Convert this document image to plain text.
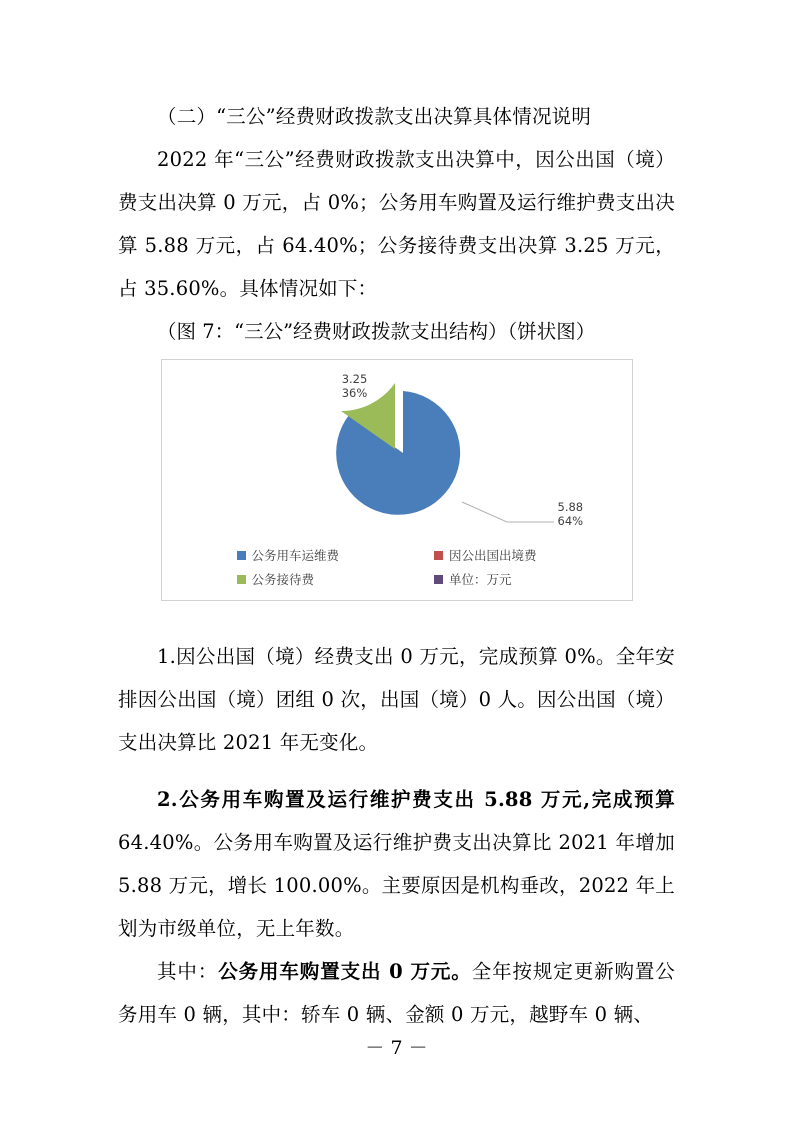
（二）“三公”经费财政拨款支出决算具体情况说明

2022 年“三公”经费财政拨款支出决算中，因公出国（境）费支出决算 0 万元，占 0%；公务用车购置及运行维护费支出决算 5.88 万元，占 64.40%；公务接待费支出决算 3.25 万元，占 35.60%。具体情况如下：

（图 7：“三公”经费财政拨款支出结构）（饼状图）

3.25
36%
5.88
64%
公务用车运维费	因公出国出境费
公务接待费	单位：万元

1.因公出国（境）经费支出 0 万元，完成预算 0%。全年安排因公出国（境）团组 0 次，出国（境）0 人。因公出国（境）支出决算比 2021 年无变化。

2.公务用车购置及运行维护费支出 5.88 万元,完成预算64.40%。公务用车购置及运行维护费支出决算比 2021 年增加 5.88 万元，增长 100.00%。主要原因是机构垂改，2022 年上划为市级单位，无上年数。

其中：公务用车购置支出 0 万元。全年按规定更新购置公务用车 0 辆，其中：轿车 0 辆、金额 0 万元，越野车 0 辆、

－ 7 －
